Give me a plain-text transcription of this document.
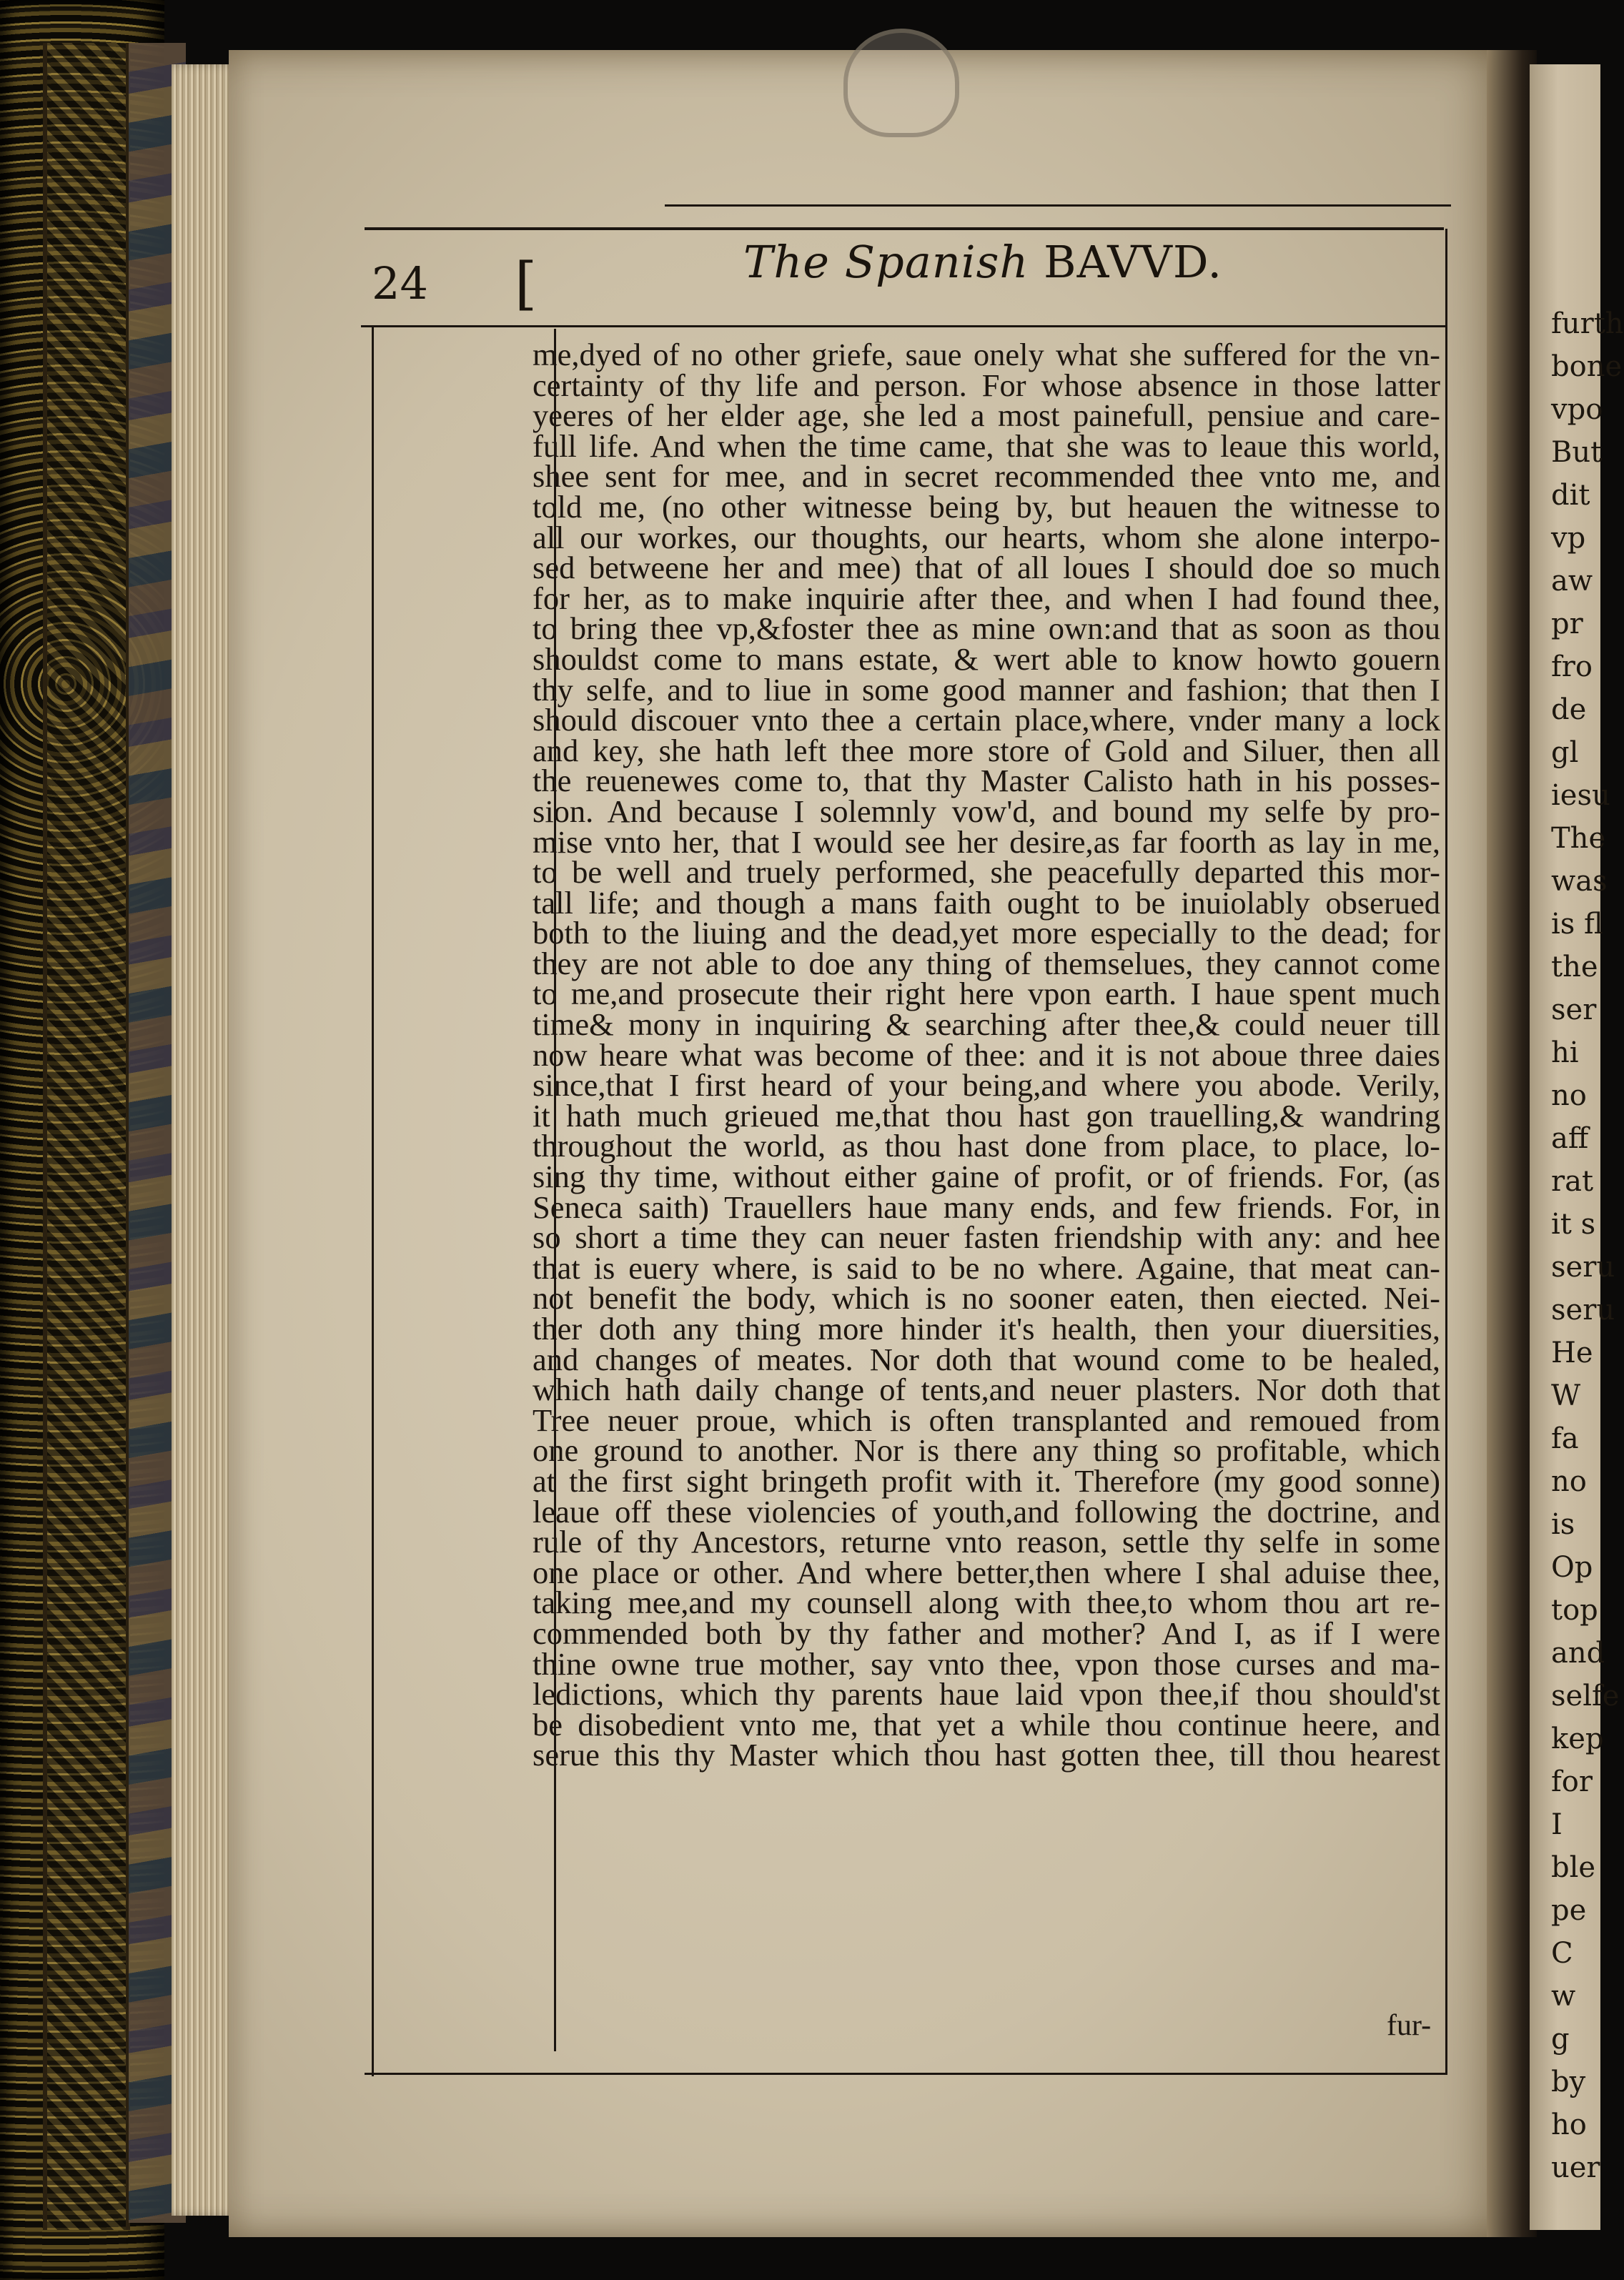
furth
bone
vpo
But
dit
vp
aw
pr
fro
de
gl
iesu
The
was
is fl
the
ser
hi
no
aff
rat
it s
seru
seru
He
W
fa
no
is
Op
top
and
selfe
kep
for
I
ble
pe
C
w
g
by
ho
uer
24 [	The Spanish BAVVD.
me,dyed of no other griefe, saue onely what she suffered for the vn-
certainty of thy life and person. For whose absence in those latter
yeeres of her elder age, she led a most painefull, pensiue and care-
full life. And when the time came, that she was to leaue this world,
shee sent for mee, and in secret recommended thee vnto me, and
told me, (no other witnesse being by, but heauen the witnesse to
all our workes, our thoughts, our hearts, whom she alone interpo-
sed betweene her and mee) that of all loues I should doe so much
for her, as to make inquirie after thee, and when I had found thee,
to bring thee vp,&foster thee as mine own:and that as soon as thou
shouldst come to mans estate, & wert able to know howto gouern
thy selfe, and to liue in some good manner and fashion; that then I
should discouer vnto thee a certain place,where, vnder many a lock
and key, she hath left thee more store of Gold and Siluer, then all
the reuenewes come to, that thy Master Calisto hath in his posses-
sion. And because I solemnly vow'd, and bound my selfe by pro-
mise vnto her, that I would see her desire,as far foorth as lay in me,
to be well and truely performed, she peacefully departed this mor-
tall life; and though a mans faith ought to be inuiolably obserued
both to the liuing and the dead,yet more especially to the dead; for
they are not able to doe any thing of themselues, they cannot come
to me,and prosecute their right here vpon earth. I haue spent much
time& mony in inquiring & searching after thee,& could neuer till
now heare what was become of thee: and it is not aboue three daies
since,that I first heard of your being,and where you abode. Verily,
it hath much grieued me,that thou hast gon trauelling,& wandring
throughout the world, as thou hast done from place, to place, lo-
sing thy time, without either gaine of profit, or of friends. For, (as
Seneca saith) Trauellers haue many ends, and few friends. For, in
so short a time they can neuer fasten friendship with any: and hee
that is euery where, is said to be no where. Againe, that meat can-
not benefit the body, which is no sooner eaten, then eiected. Nei-
ther doth any thing more hinder it's health, then your diuersities,
and changes of meates. Nor doth that wound come to be healed,
which hath daily change of tents,and neuer plasters. Nor doth that
Tree neuer proue, which is often transplanted and remoued from
one ground to another. Nor is there any thing so profitable, which
at the first sight bringeth profit with it. Therefore (my good sonne)
leaue off these violencies of youth,and following the doctrine, and
rule of thy Ancestors, returne vnto reason, settle thy selfe in some
one place or other. And where better,then where I shal aduise thee,
taking mee,and my counsell along with thee,to whom thou art re-
commended both by thy father and mother? And I, as if I were
thine owne true mother, say vnto thee, vpon those curses and ma-
ledictions, which thy parents haue laid vpon thee,if thou should'st
be disobedient vnto me, that yet a while thou continue heere, and
serue this thy Master which thou hast gotten thee, till thou hearest
fur-
